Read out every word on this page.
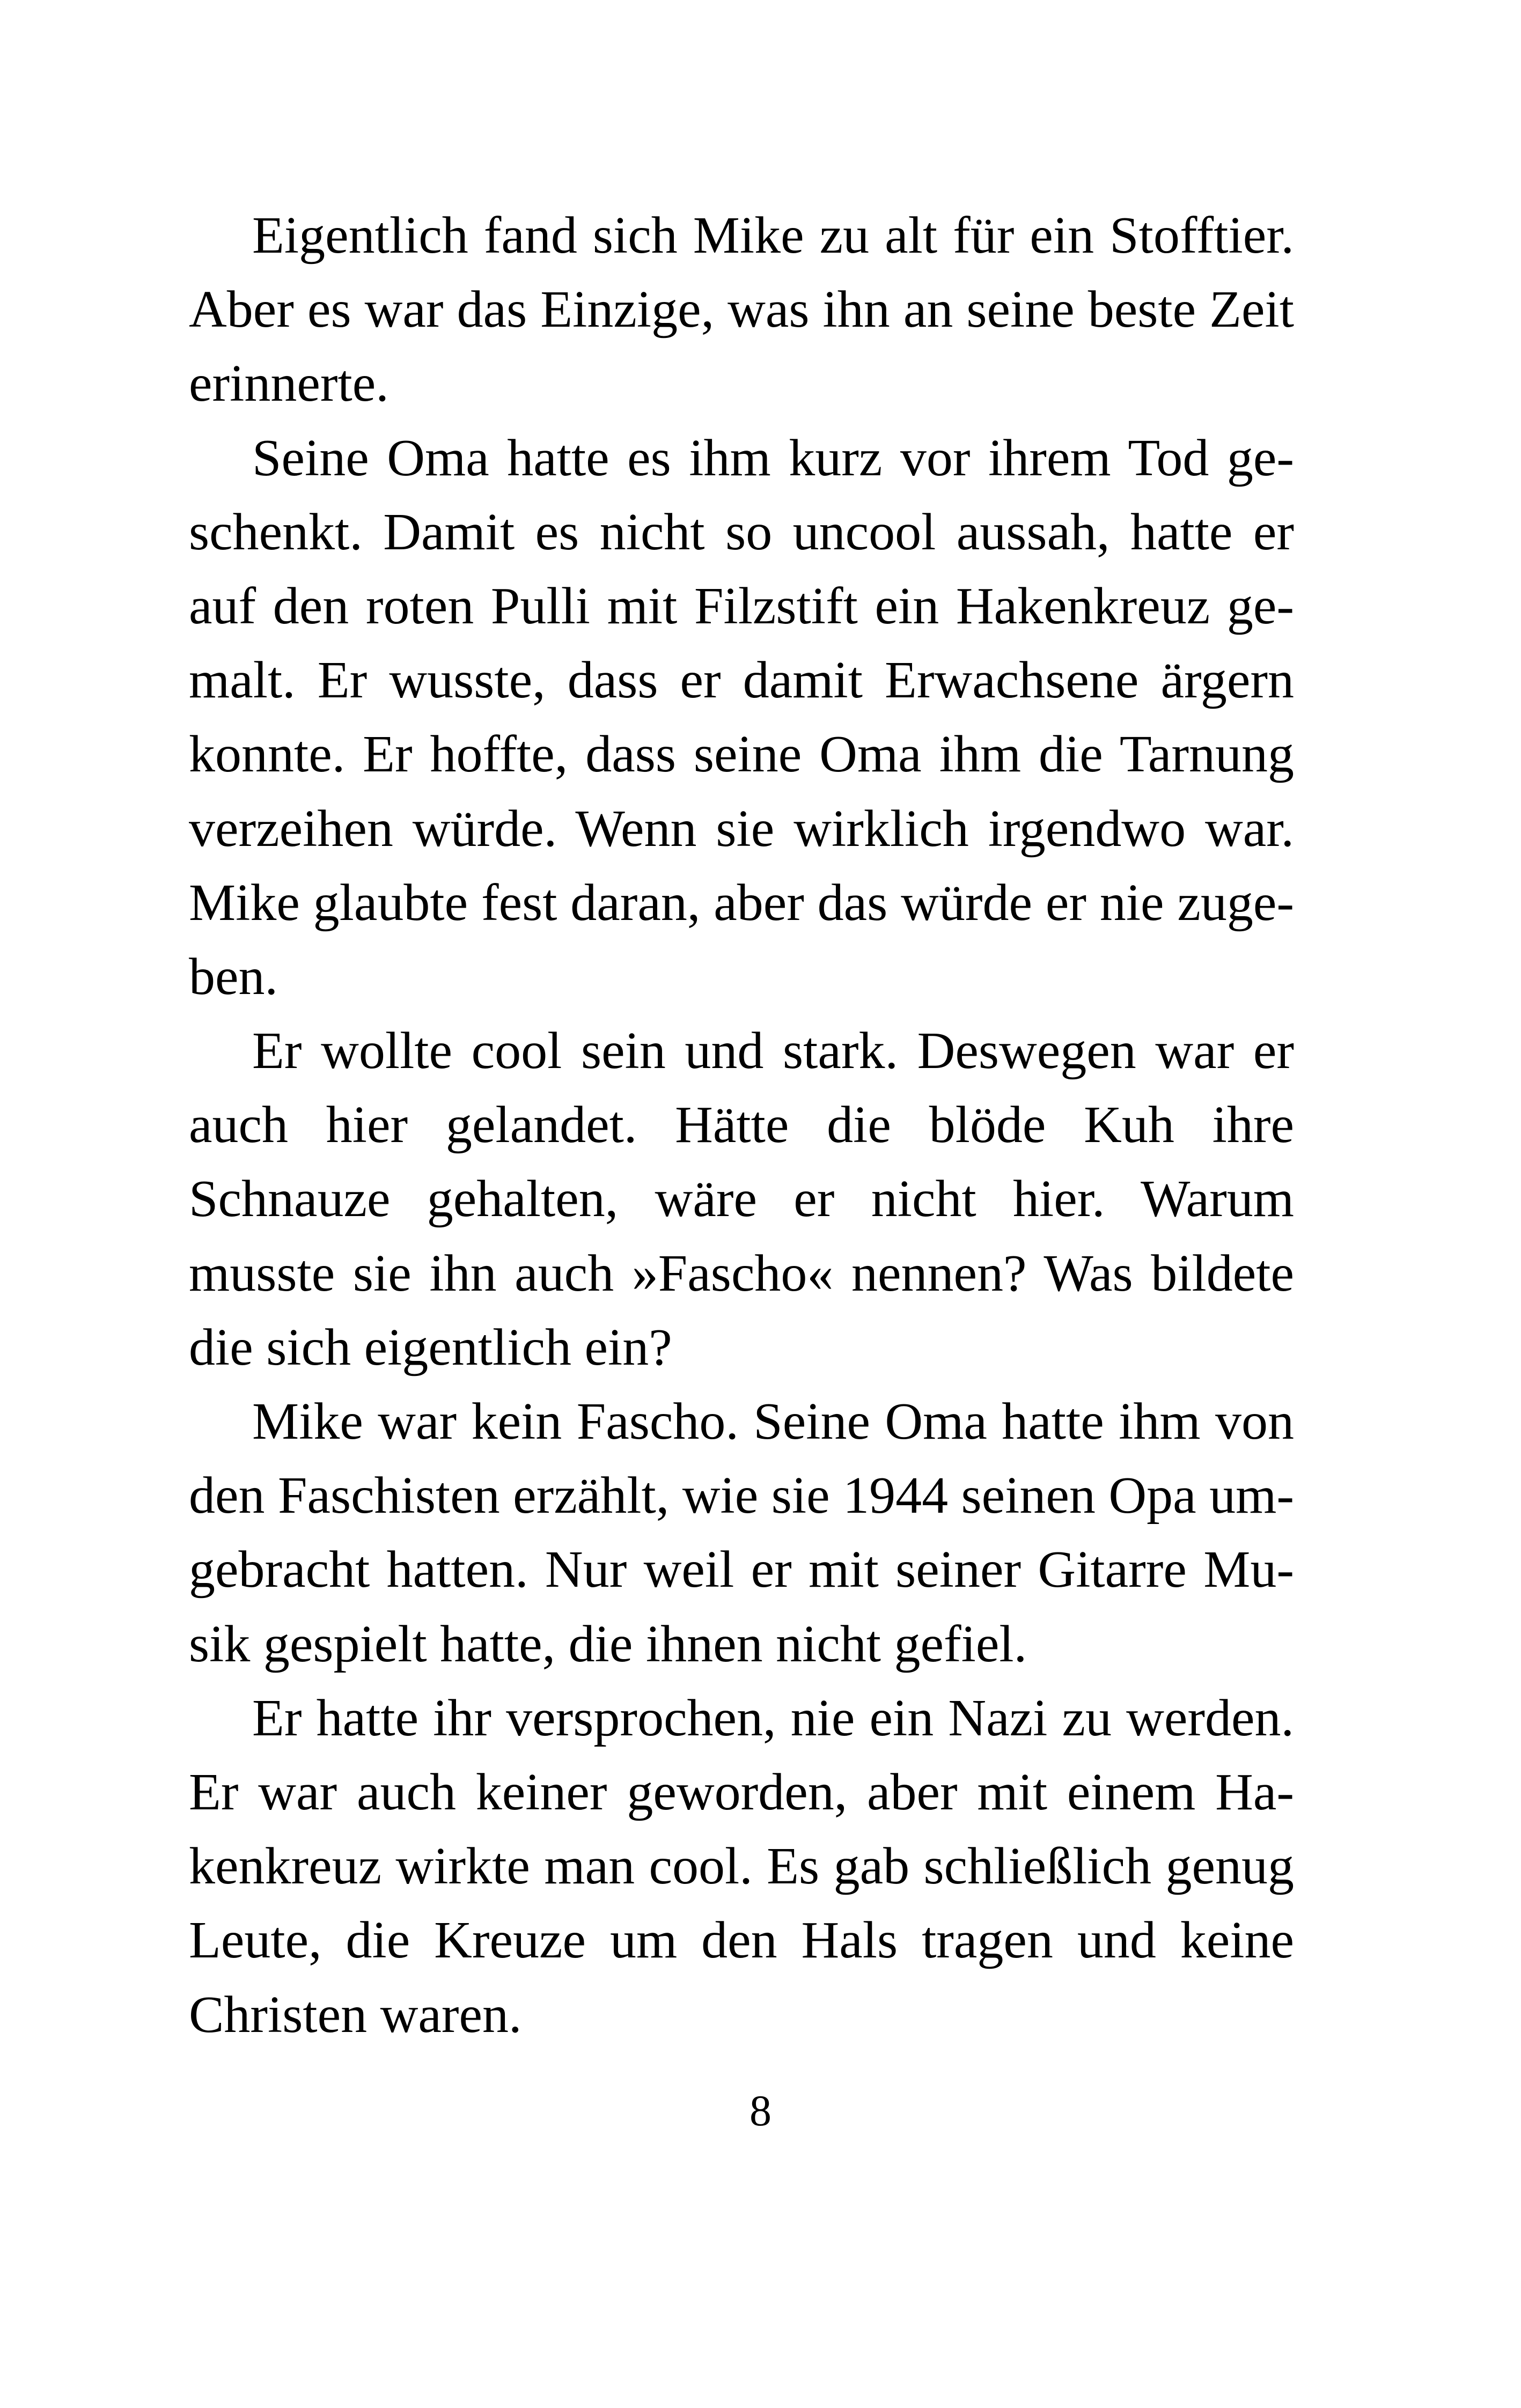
Eigentlich fand sich Mike zu alt für ein Stofftier.
Aber es war das Einzige, was ihn an seine beste Zeit
erinnerte.
Seine Oma hatte es ihm kurz vor ihrem Tod ge-
schenkt. Damit es nicht so uncool aussah, hatte er
auf den roten Pulli mit Filzstift ein Hakenkreuz ge-
malt. Er wusste, dass er damit Erwachsene ärgern
konnte. Er hoffte, dass seine Oma ihm die Tarnung
verzeihen würde. Wenn sie wirklich irgendwo war.
Mike glaubte fest daran, aber das würde er nie zuge-
ben.
Er wollte cool sein und stark. Deswegen war er
auch hier gelandet. Hätte die blöde Kuh ihre
Schnauze gehalten, wäre er nicht hier. Warum
musste sie ihn auch »Fascho« nennen? Was bildete
die sich eigentlich ein?
Mike war kein Fascho. Seine Oma hatte ihm von
den Faschisten erzählt, wie sie 1944 seinen Opa um-
gebracht hatten. Nur weil er mit seiner Gitarre Mu-
sik gespielt hatte, die ihnen nicht gefiel.
Er hatte ihr versprochen, nie ein Nazi zu werden.
Er war auch keiner geworden, aber mit einem Ha-
kenkreuz wirkte man cool. Es gab schließlich genug
Leute, die Kreuze um den Hals tragen und keine
Christen waren.
8
